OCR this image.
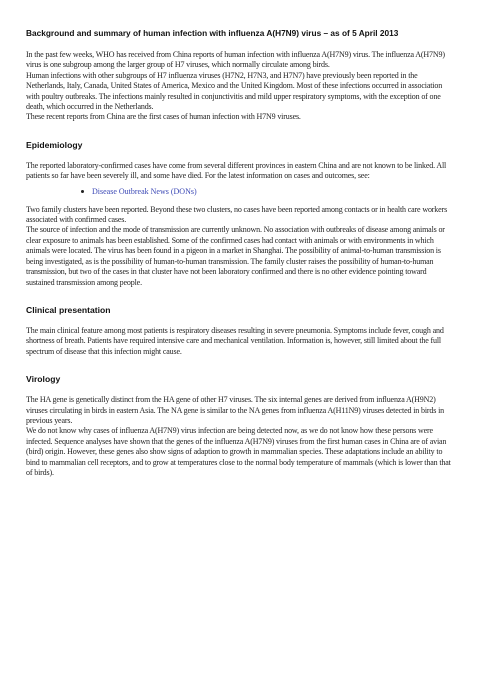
Background and summary of human infection with influenza A(H7N9) virus – as of 5 April 2013

In the past few weeks, WHO has received from China reports of human infection with influenza A(H7N9) virus. The influenza A(H7N9) virus is one subgroup among the larger group of H7 viruses, which normally circulate among birds.

Human infections with other subgroups of H7 influenza viruses (H7N2, H7N3, and H7N7) have previously been reported in the Netherlands, Italy, Canada, United States of America, Mexico and the United Kingdom. Most of these infections occurred in association with poultry outbreaks. The infections mainly resulted in conjunctivitis and mild upper respiratory symptoms, with the exception of one death, which occurred in the Netherlands.

These recent reports from China are the first cases of human infection with H7N9 viruses.

Epidemiology

The reported laboratory-confirmed cases have come from several different provinces in eastern China and are not known to be linked. All patients so far have been severely ill, and some have died. For the latest information on cases and outcomes, see:

Disease Outbreak News (DONs)

Two family clusters have been reported. Beyond these two clusters, no cases have been reported among contacts or in health care workers associated with confirmed cases.

The source of infection and the mode of transmission are currently unknown. No association with outbreaks of disease among animals or clear exposure to animals has been established. Some of the confirmed cases had contact with animals or with environments in which animals were located. The virus has been found in a pigeon in a market in Shanghai. The possibility of animal-to-human transmission is being investigated, as is the possibility of human-to-human transmission. The family cluster raises the possibility of human-to-human transmission, but two of the cases in that cluster have not been laboratory confirmed and there is no other evidence pointing toward sustained transmission among people.

Clinical presentation

The main clinical feature among most patients is respiratory diseases resulting in severe pneumonia. Symptoms include fever, cough and shortness of breath. Patients have required intensive care and mechanical ventilation. Information is, however, still limited about the full spectrum of disease that this infection might cause.

Virology

The HA gene is genetically distinct from the HA gene of other H7 viruses. The six internal genes are derived from influenza A(H9N2) viruses circulating in birds in eastern Asia. The NA gene is similar to the NA genes from influenza A(H11N9) viruses detected in birds in previous years.

We do not know why cases of influenza A(H7N9) virus infection are being detected now, as we do not know how these persons were infected. Sequence analyses have shown that the genes of the influenza A(H7N9) viruses from the first human cases in China are of avian (bird) origin. However, these genes also show signs of adaption to growth in mammalian species. These adaptations include an ability to bind to mammalian cell receptors, and to grow at temperatures close to the normal body temperature of mammals (which is lower than that of birds).
